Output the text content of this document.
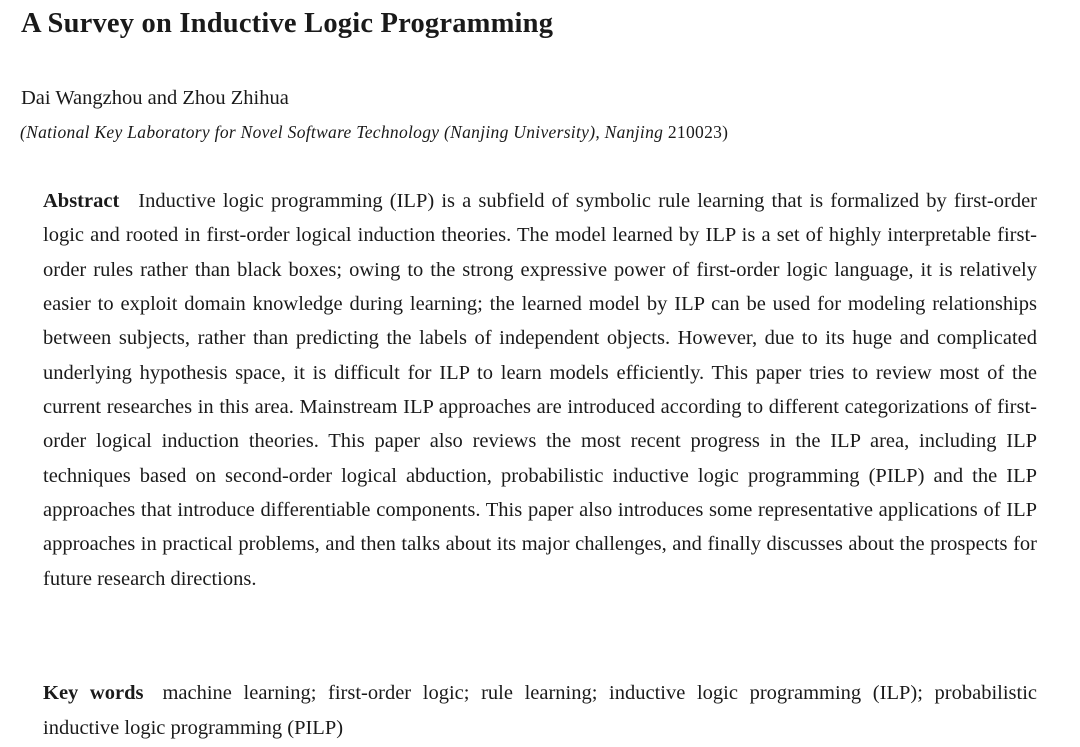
A Survey on Inductive Logic Programming
Dai Wangzhou and Zhou Zhihua
(National Key Laboratory for Novel Software Technology (Nanjing University), Nanjing 210023)
Abstract Inductive logic programming (ILP) is a subfield of symbolic rule learning that is formalized by first-order logic and rooted in first-order logical induction theories. The model learned by ILP is a set of highly interpretable first-order rules rather than black boxes; owing to the strong expressive power of first-order logic language, it is relatively easier to exploit domain knowledge during learning; the learned model by ILP can be used for modeling relationships between subjects, rather than predicting the labels of independent objects. However, due to its huge and complicated underlying hypothesis space, it is difficult for ILP to learn models efficiently. This paper tries to review most of the current researches in this area. Mainstream ILP approaches are introduced according to different categorizations of first-order logical induction theories. This paper also reviews the most recent progress in the ILP area, including ILP techniques based on second-order logical abduction, probabilistic inductive logic programming (PILP) and the ILP approaches that introduce differentiable components. This paper also introduces some representative applications of ILP approaches in practical problems, and then talks about its major challenges, and finally discusses about the prospects for future research directions.
Key words machine learning; first-order logic; rule learning; inductive logic programming (ILP); probabilistic inductive logic programming (PILP)
